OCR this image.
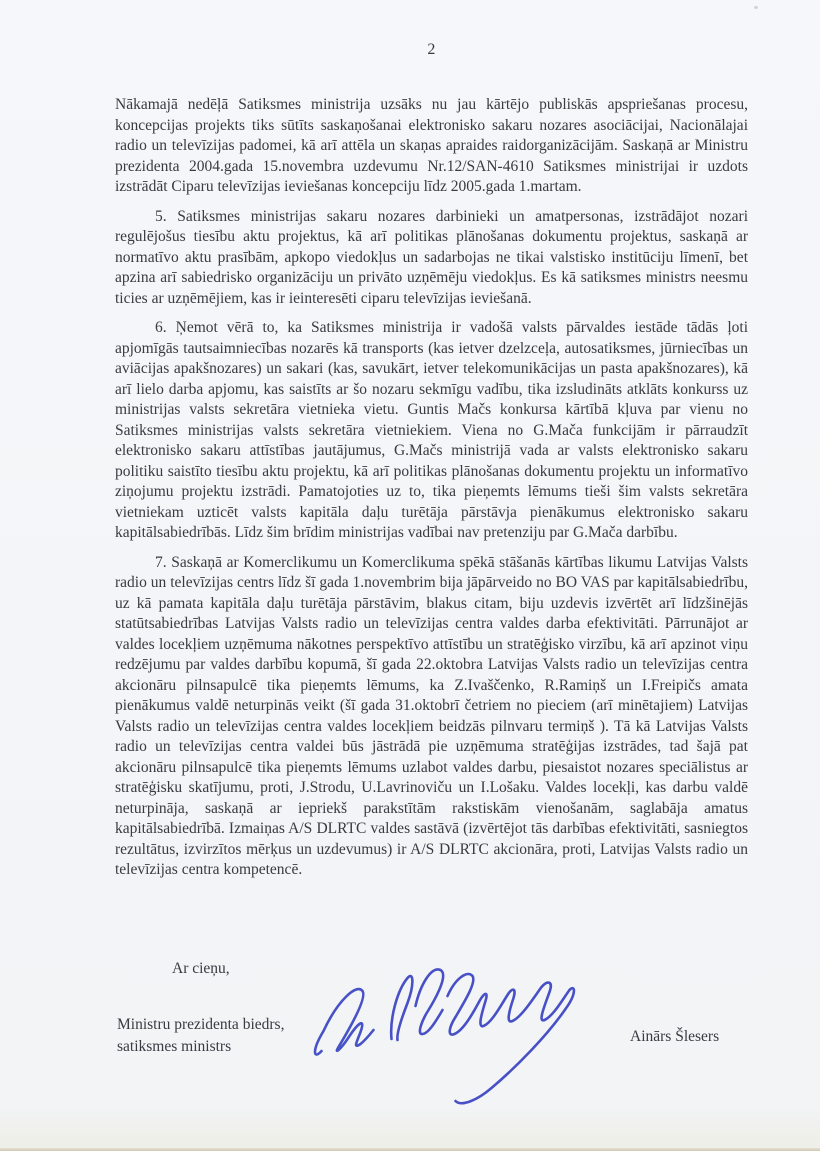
2

Nākamajā nedēļā Satiksmes ministrija uzsāks nu jau kārtējo publiskās apspriešanas procesu, koncepcijas projekts tiks sūtīts saskaņošanai elektronisko sakaru nozares asociācijai, Nacionālajai radio un televīzijas padomei, kā arī attēla un skaņas apraides raidorganizācijām. Saskaņā ar Ministru prezidenta 2004.gada 15.novembra uzdevumu Nr.12/SAN-4610 Satiksmes ministrijai ir uzdots izstrādāt Ciparu televīzijas ieviešanas koncepciju līdz 2005.gada 1.martam.

5. Satiksmes ministrijas sakaru nozares darbinieki un amatpersonas, izstrādājot nozari regulējošus tiesību aktu projektus, kā arī politikas plānošanas dokumentu projektus, saskaņā ar normatīvo aktu prasībām, apkopo viedokļus un sadarbojas ne tikai valstisko institūciju līmenī, bet apzina arī sabiedrisko organizāciju un privāto uzņēmēju viedokļus. Es kā satiksmes ministrs neesmu ticies ar uzņēmējiem, kas ir ieinteresēti ciparu televīzijas ieviešanā.

6. Ņemot vērā to, ka Satiksmes ministrija ir vadošā valsts pārvaldes iestāde tādās ļoti apjomīgās tautsaimniecības nozarēs kā transports (kas ietver dzelzceļa, autosatiksmes, jūrniecības un aviācijas apakšnozares) un sakari (kas, savukārt, ietver telekomunikācijas un pasta apakšnozares), kā arī lielo darba apjomu, kas saistīts ar šo nozaru sekmīgu vadību, tika izsludināts atklāts konkurss uz ministrijas valsts sekretāra vietnieka vietu. Guntis Mačs konkursa kārtībā kļuva par vienu no Satiksmes ministrijas valsts sekretāra vietniekiem. Viena no G.Mača funkcijām ir pārraudzīt elektronisko sakaru attīstības jautājumus, G.Mačs ministrijā vada ar valsts elektronisko sakaru politiku saistīto tiesību aktu projektu, kā arī politikas plānošanas dokumentu projektu un informatīvo ziņojumu projektu izstrādi. Pamatojoties uz to, tika pieņemts lēmums tieši šim valsts sekretāra vietniekam uzticēt valsts kapitāla daļu turētāja pārstāvja pienākumus elektronisko sakaru kapitālsabiedrībās. Līdz šim brīdim ministrijas vadībai nav pretenziju par G.Mača darbību.

7. Saskaņā ar Komerclikumu un Komerclikuma spēkā stāšanās kārtības likumu Latvijas Valsts radio un televīzijas centrs līdz šī gada 1.novembrim bija jāpārveido no BO VAS par kapitālsabiedrību, uz kā pamata kapitāla daļu turētāja pārstāvim, blakus citam, biju uzdevis izvērtēt arī līdzšinējās statūtsabiedrības Latvijas Valsts radio un televīzijas centra valdes darba efektivitāti. Pārrunājot ar valdes locekļiem uzņēmuma nākotnes perspektīvo attīstību un stratēģisko virzību, kā arī apzinot viņu redzējumu par valdes darbību kopumā, šī gada 22.oktobra Latvijas Valsts radio un televīzijas centra akcionāru pilnsapulcē tika pieņemts lēmums, ka Z.Ivaščenko, R.Ramiņš un I.Freipičs amata pienākumus valdē neturpinās veikt (šī gada 31.oktobrī četriem no pieciem (arī minētajiem) Latvijas Valsts radio un televīzijas centra valdes locekļiem beidzās pilnvaru termiņš ). Tā kā Latvijas Valsts radio un televīzijas centra valdei būs jāstrādā pie uzņēmuma stratēģijas izstrādes, tad šajā pat akcionāru pilnsapulcē tika pieņemts lēmums uzlabot valdes darbu, piesaistot nozares speciālistus ar stratēģisku skatījumu, proti, J.Strodu, U.Lavrinoviču un I.Lošaku. Valdes locekļi, kas darbu valdē neturpināja, saskaņā ar iepriekš parakstītām rakstiskām vienošanām, saglabāja amatus kapitālsabiedrībā. Izmaiņas A/S DLRTC valdes sastāvā (izvērtējot tās darbības efektivitāti, sasniegtos rezultātus, izvirzītos mērķus un uzdevumus) ir A/S DLRTC akcionāra, proti, Latvijas Valsts radio un televīzijas centra kompetencē.

Ar cieņu,
Ministru prezidenta biedrs,
satiksmes ministrs
Ainārs Šlesers
